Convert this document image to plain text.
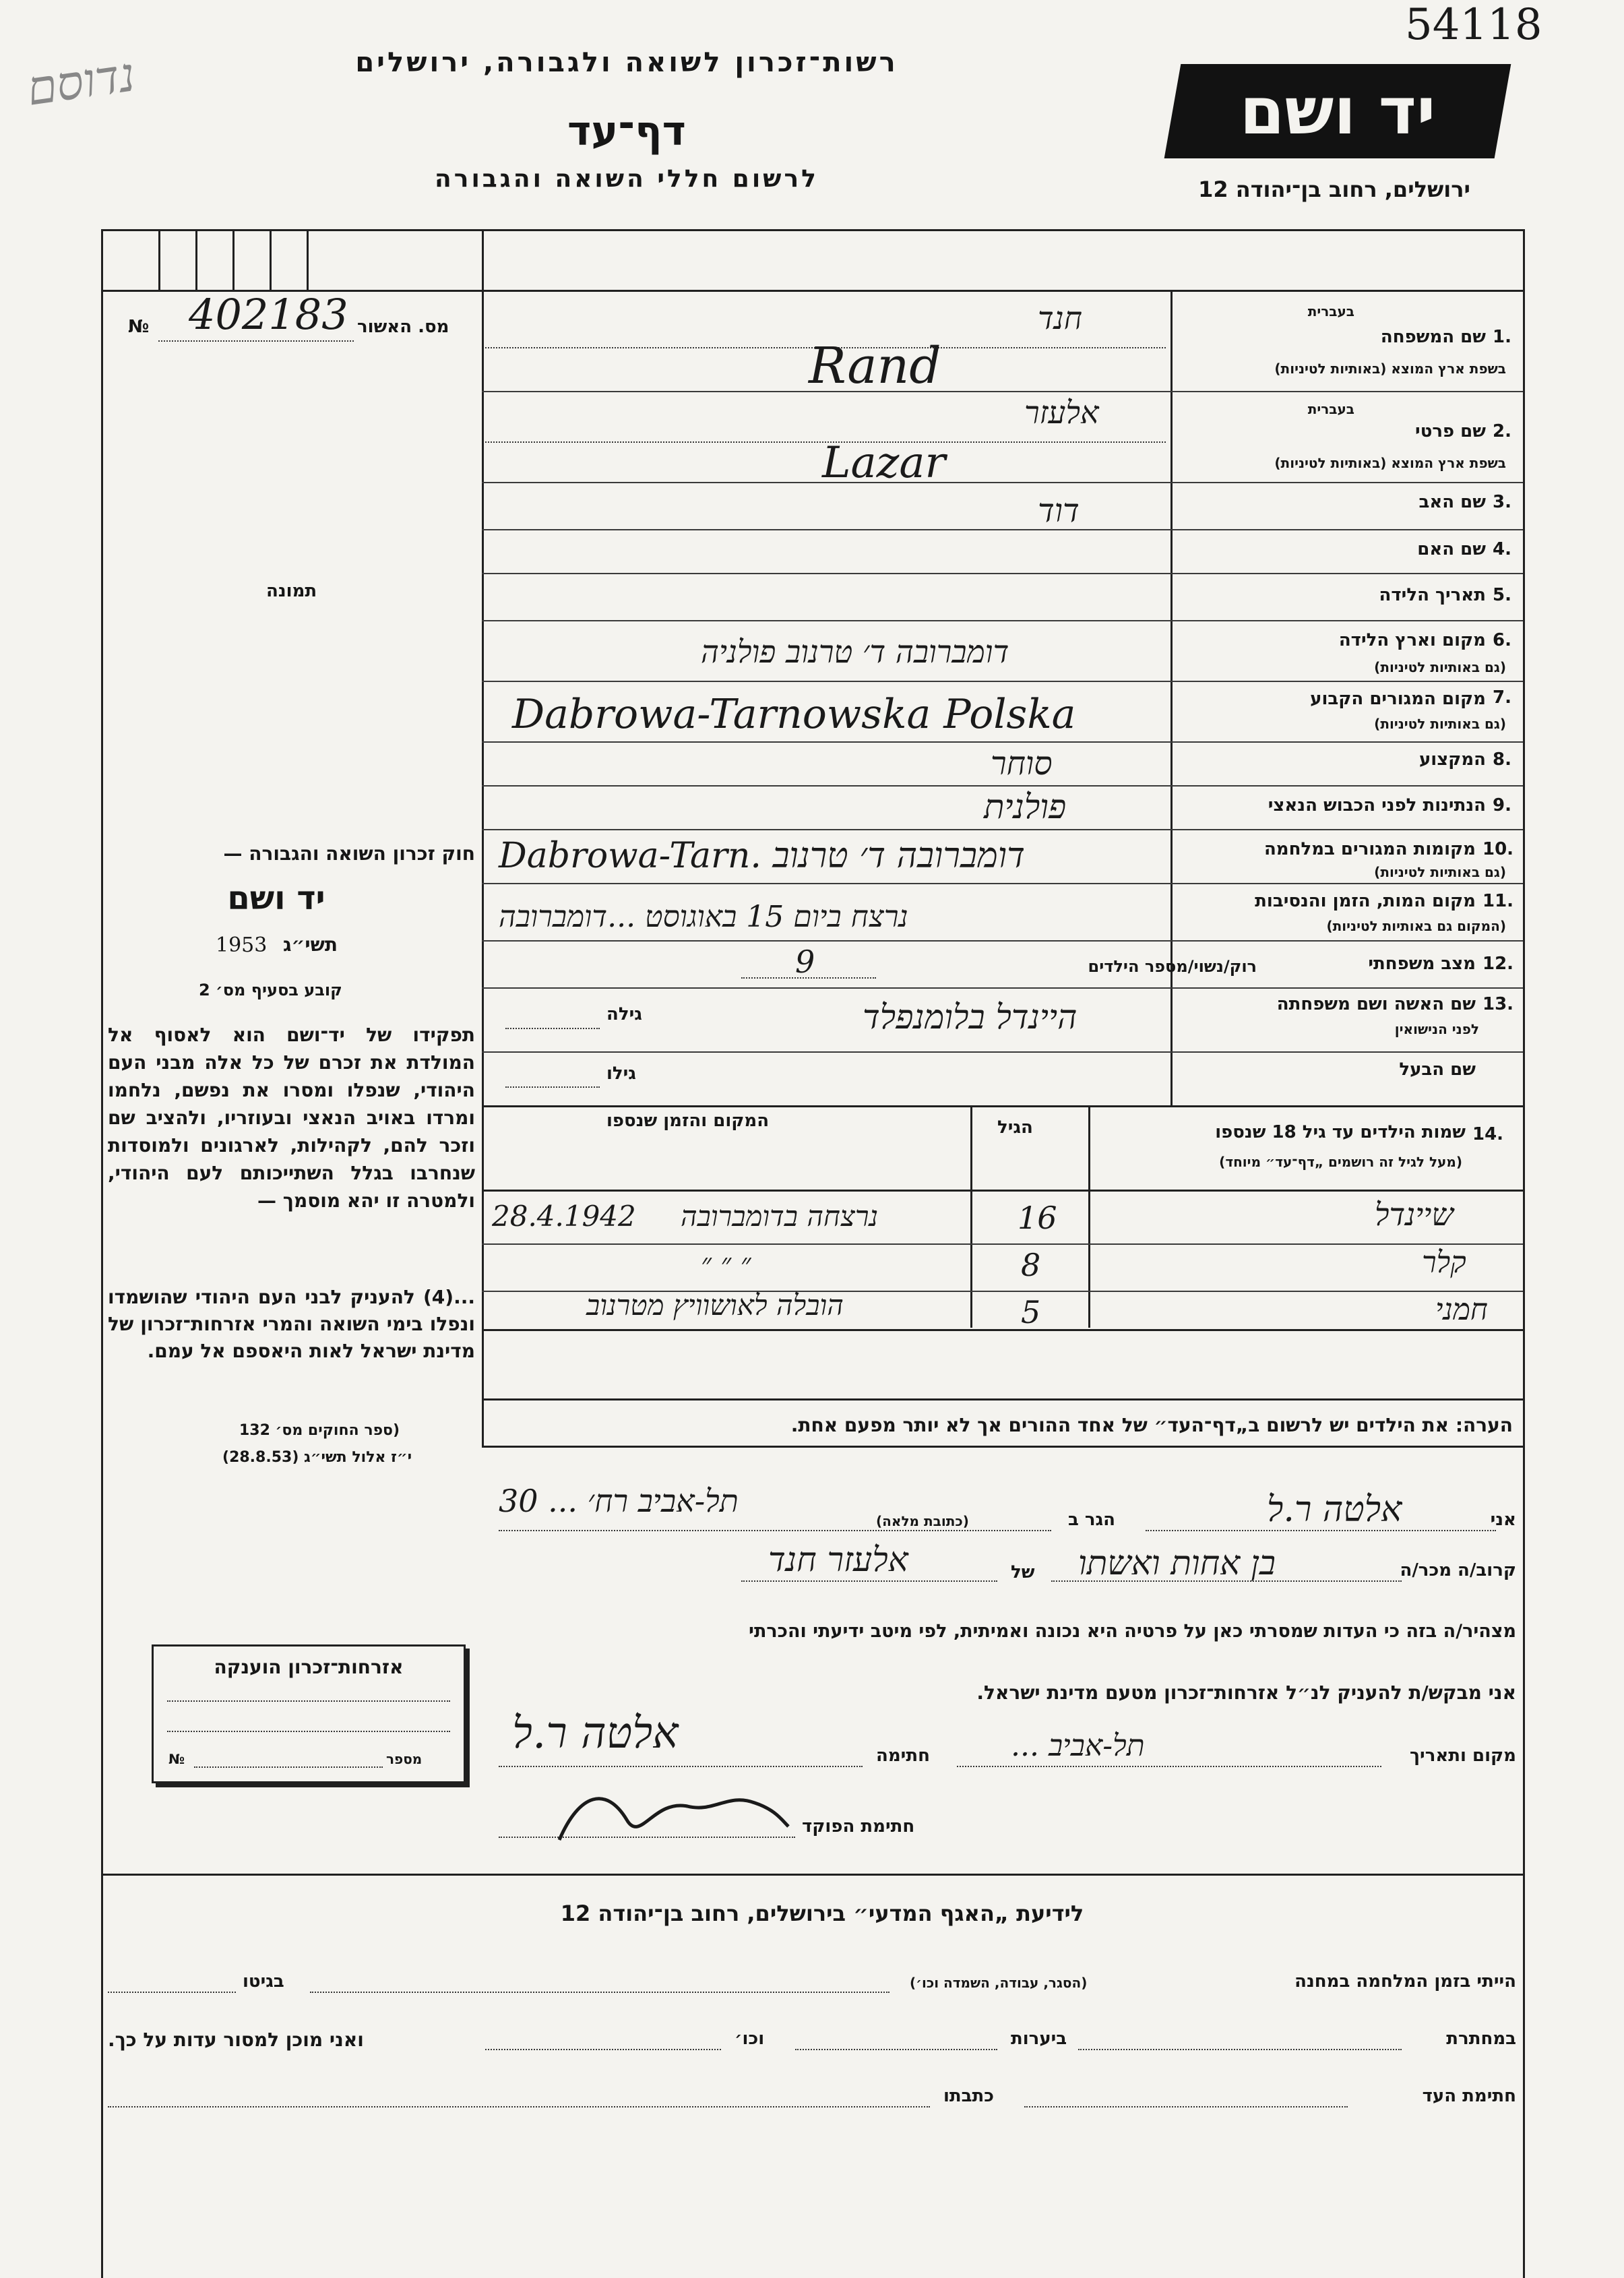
54118
נדוסם	רשות־זכרון לשואה ולגבורה, ירושלים
דף־עד
לרשום חללי השואה והגבורה
יד ושם
ירושלים, רחוב בן־יהודה 12
№ 402183 מס. האשור
תמונה
1.
שם המשפחה
בעברית
בשפת ארץ המוצא (באותיות לטיניות)
חנד
Rand
2.
שם פרטי
בעברית
בשפת ארץ המוצא (באותיות לטיניות)
אלעזר
Lazar
3.
שם האב
דוד
4.
שם האם
5.
תאריך הלידה
6.
מקום וארץ הלידה
(גם באותיות לטיניות)
דומברובה ד׳ טרנוב פולניה
7.
מקום המגורים הקבוע
(גם באותיות לטיניות)
Dabrowa-Tarnowska Polska
8.
המקצוע
סוחר
9.
הנתינות לפני הכבוש הנאצי
פולנית
10.
מקומות המגורים במלחמה
(גם באותיות לטיניות)
Dabrowa-Tarn. דומברובה ד׳ טרנוב
11.
מקום המות, הזמן והנסיבות
(המקום גם באותיות לטיניות)
נרצח ביום 15 באוגוסט ...דומברובה
12.
מצב משפחתי
רוק/נשוי/מספר הילדים
9
13.
שם האשה ושם משפחתה
לפני הנישואין
גילה	היינדל בלומנפלד
שם הבעל
גילו
14.
שמות הילדים עד גיל 18 שנספו
(מעל לגיל זה רושמים „דף־עד״ מיוחד)
הגיל
המקום והזמן שנספו
שיינדל
16
נרצחה בדומברובה
28.4.1942
קלר
8
״ ״ ״
חמני
5
הובלה לאושוויץ מטרנוב
הערה: את הילדים יש לרשום ב„דף־העד״ של אחד ההורים אך לא יותר מפעם אחת.
חוק זכרון השואה והגבורה —
יד ושם
תשי״ג
1953
קובע בסעיף מס׳ 2
תפקידו של יד־ושם הוא לאסוף אל המולדת את זכרם של כל אלה מבני העם היהודי, שנפלו ומסרו את נפשם, נלחמו ומרדו באויב הנאצי ובעוזריו, ולהציב שם וזכר להם, לקהילות, לארגונים ולמוסדות שנחרבו בגלל השתייכותם לעם היהודי, ולמטרה זו יהא מוסמך —
...(4) להעניק לבני העם היהודי שהושמדו ונפלו בימי השואה והמרי אזרחות־זכרון של מדינת ישראל לאות היאספם אל עמם.
(ספר החוקים מס׳ 132
י״ז אלול תשי״ג (28.8.53)
אזרחות־זכרון הוענקה
מספר
№
אני
אלטה ר.ל
הגר ב
(כתובת מלאה)
תל-אביב רח׳ ... 30
קרוב/ה מכר/ה
בן אחות ואשתו
של
אלעזר חנד
מצהיר/ה בזה כי העדות שמסרתי כאן על פרטיה היא נכונה ואמיתית, לפי מיטב ידיעתי והכרתי
אני מבקש/ת להעניק לנ״ל אזרחות־זכרון מטעם מדינת ישראל.
מקום ותאריך
תל-אביב ...
חתימה
אלטה ר.ל
חתימת הפוקד
לידיעת „האגף המדעי״ בירושלים, רחוב בן־יהודה 12
הייתי בזמן המלחמה במחנה
(הסגר, עבודה, השמדה וכו׳)
בגיטו
במחתרת
ביערות
וכו׳
ואני מוכן למסור עדות על כך.
חתימת העד
כתבתו
